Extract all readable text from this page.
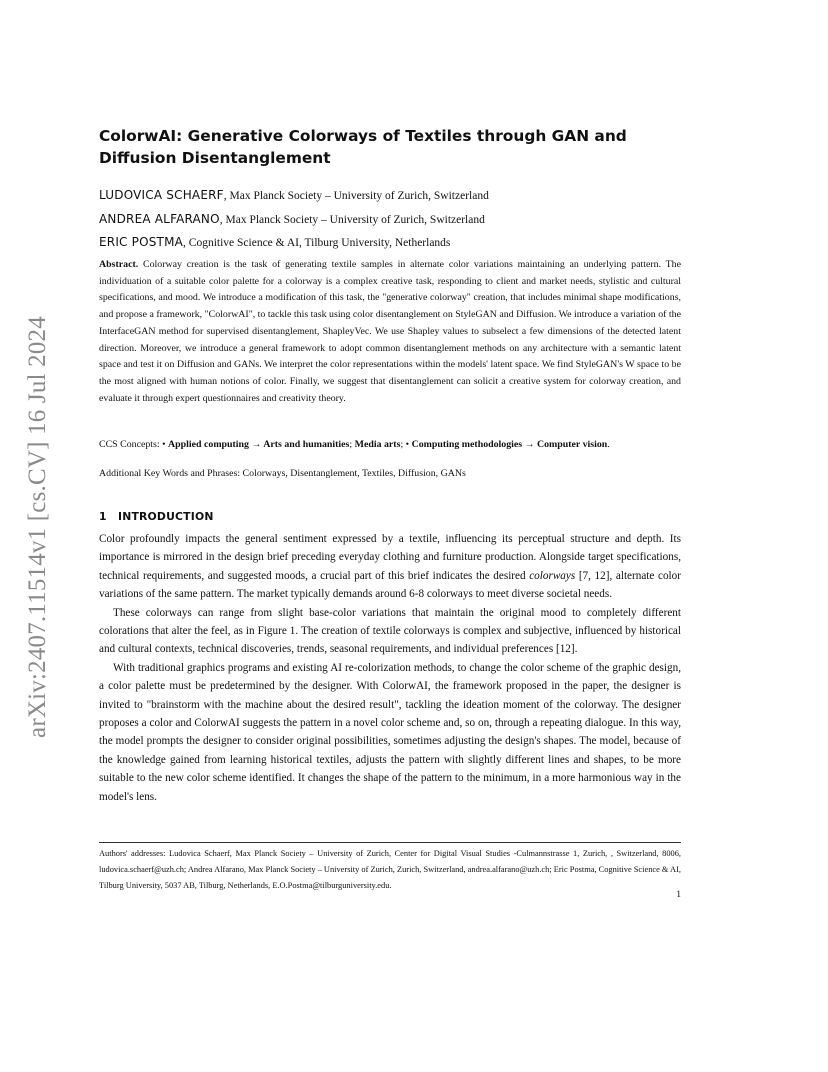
arXiv:2407.11514v1 [cs.CV] 16 Jul 2024
ColorwAI: Generative Colorways of Textiles through GAN and Diffusion Disentanglement
LUDOVICA SCHAERF, Max Planck Society – University of Zurich, Switzerland
ANDREA ALFARANO, Max Planck Society – University of Zurich, Switzerland
ERIC POSTMA, Cognitive Science & AI, Tilburg University, Netherlands

Abstract. Colorway creation is the task of generating textile samples in alternate color variations maintaining an underlying pattern. The individuation of a suitable color palette for a colorway is a complex creative task, responding to client and market needs, stylistic and cultural specifications, and mood. We introduce a modification of this task, the "generative colorway" creation, that includes minimal shape modifications, and propose a framework, "ColorwAI", to tackle this task using color disentanglement on StyleGAN and Diffusion. We introduce a variation of the InterfaceGAN method for supervised disentanglement, ShapleyVec. We use Shapley values to subselect a few dimensions of the detected latent direction. Moreover, we introduce a general framework to adopt common disentanglement methods on any architecture with a semantic latent space and test it on Diffusion and GANs. We interpret the color representations within the models' latent space. We find StyleGAN's W space to be the most aligned with human notions of color. Finally, we suggest that disentanglement can solicit a creative system for colorway creation, and evaluate it through expert questionnaires and creativity theory.

CCS Concepts: • Applied computing → Arts and humanities; Media arts; • Computing methodologies → Computer vision.

Additional Key Words and Phrases: Colorways, Disentanglement, Textiles, Diffusion, GANs

1 INTRODUCTION

Color profoundly impacts the general sentiment expressed by a textile, influencing its perceptual structure and depth. Its importance is mirrored in the design brief preceding everyday clothing and furniture production. Alongside target specifications, technical requirements, and suggested moods, a crucial part of this brief indicates the desired colorways [7, 12], alternate color variations of the same pattern. The market typically demands around 6-8 colorways to meet diverse societal needs.

These colorways can range from slight base-color variations that maintain the original mood to completely different colorations that alter the feel, as in Figure 1. The creation of textile colorways is complex and subjective, influenced by historical and cultural contexts, technical discoveries, trends, seasonal requirements, and individual preferences [12].

With traditional graphics programs and existing AI re-colorization methods, to change the color scheme of the graphic design, a color palette must be predetermined by the designer. With ColorwAI, the framework proposed in the paper, the designer is invited to "brainstorm with the machine about the desired result", tackling the ideation moment of the colorway. The designer proposes a color and ColorwAI suggests the pattern in a novel color scheme and, so on, through a repeating dialogue. In this way, the model prompts the designer to consider original possibilities, sometimes adjusting the design's shapes. The model, because of the knowledge gained from learning historical textiles, adjusts the pattern with slightly different lines and shapes, to be more suitable to the new color scheme identified. It changes the shape of the pattern to the minimum, in a more harmonious way in the model's lens.

Authors' addresses: Ludovica Schaerf, Max Planck Society – University of Zurich, Center for Digital Visual Studies -Culmannstrasse 1, Zurich, , Switzerland, 8006, ludovica.schaerf@uzh.ch; Andrea Alfarano, Max Planck Society – University of Zurich, Zurich, Switzerland, andrea.alfarano@uzh.ch; Eric Postma, Cognitive Science & AI, Tilburg University, 5037 AB, Tilburg, Netherlands, E.O.Postma@tilburguniversity.edu.

1
